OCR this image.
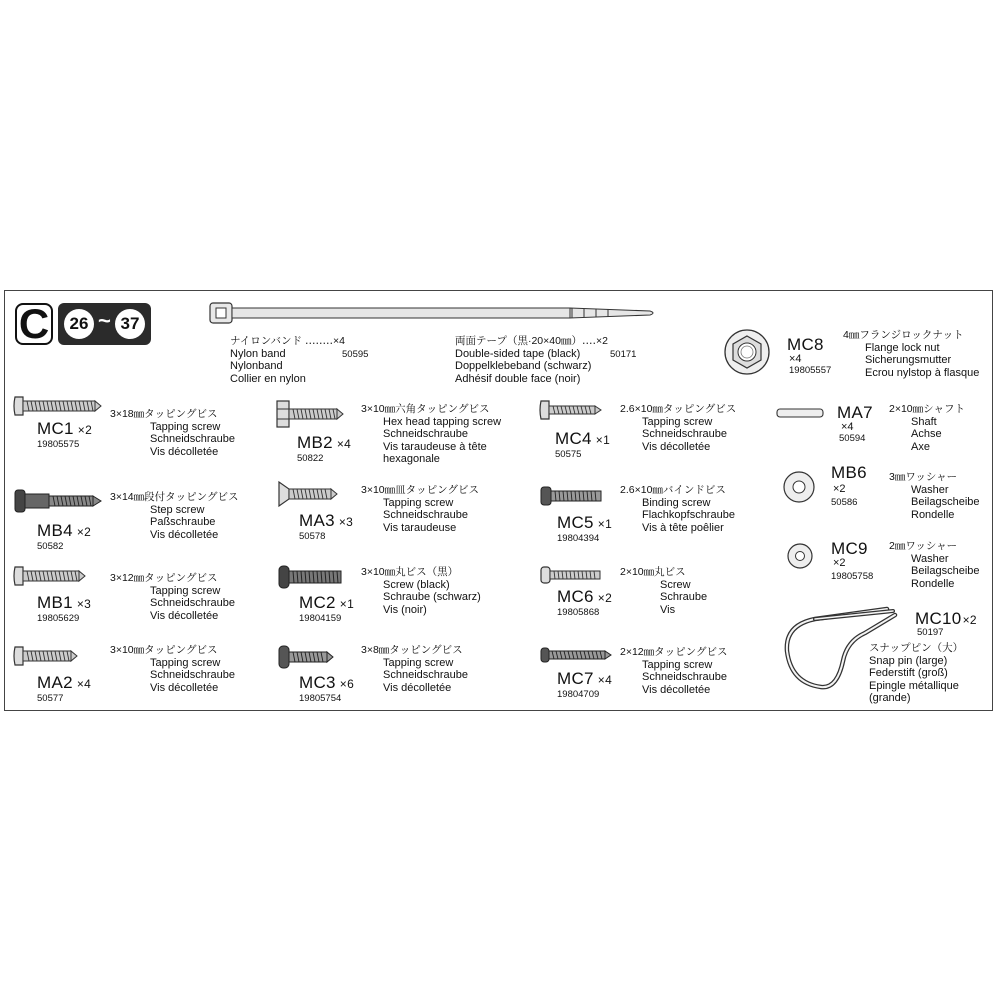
C	26 ~ 37
ナイロンバンド ‥‥‥‥×4
Nylon band
Nylonband
Collier en nylon
50595
両面テープ（黒·20×40㎜）‥‥×2
Double-sided tape (black)
Doppelklebeband (schwarz)
Adhésif double face (noir)
50171
MC8
×4
19805557
4㎜フランジロックナット
Flange lock nut
Sicherungsmutter
Ecrou nylstop à flasque
MC1 ×2
19805575
3×18㎜タッピングビス
Tapping screw
Schneidschraube
Vis décolletée
MB4 ×2
50582
3×14㎜段付タッピングビス
Step screw
Paßschraube
Vis décolletée
MB1 ×3
19805629
3×12㎜タッピングビス
Tapping screw
Schneidschraube
Vis décolletée
MA2 ×4
50577
3×10㎜タッピングビス
Tapping screw
Schneidschraube
Vis décolletée
MB2 ×4
50822
3×10㎜六角タッピングビス
Hex head tapping screw
Schneidschraube
Vis taraudeuse à tête
hexagonale
MA3 ×3
50578
3×10㎜皿タッピングビス
Tapping screw
Schneidschraube
Vis taraudeuse
MC2 ×1
19804159
3×10㎜丸ビス（黒）
Screw (black)
Schraube (schwarz)
Vis (noir)
MC3 ×6
19805754
3×8㎜タッピングビス
Tapping screw
Schneidschraube
Vis décolletée
MC4 ×1
50575
2.6×10㎜タッピングビス
Tapping screw
Schneidschraube
Vis décolletée
MC5 ×1
19804394
2.6×10㎜バインドビス
Binding screw
Flachkopfschraube
Vis à tête poêlier
MC6 ×2
19805868
2×10㎜丸ビス
Screw
Schraube
Vis
MC7 ×4
19804709
2×12㎜タッピングビス
Tapping screw
Schneidschraube
Vis décolletée
MA7
×4
50594
2×10㎜シャフト
Shaft
Achse
Axe
MB6
×2
50586
3㎜ワッシャー
Washer
Beilagscheibe
Rondelle
MC9
×2
19805758
2㎜ワッシャー
Washer
Beilagscheibe
Rondelle
MC10×2
50197
スナップピン（大）
Snap pin (large)
Federstift (groß)
Epingle métallique
(grande)
